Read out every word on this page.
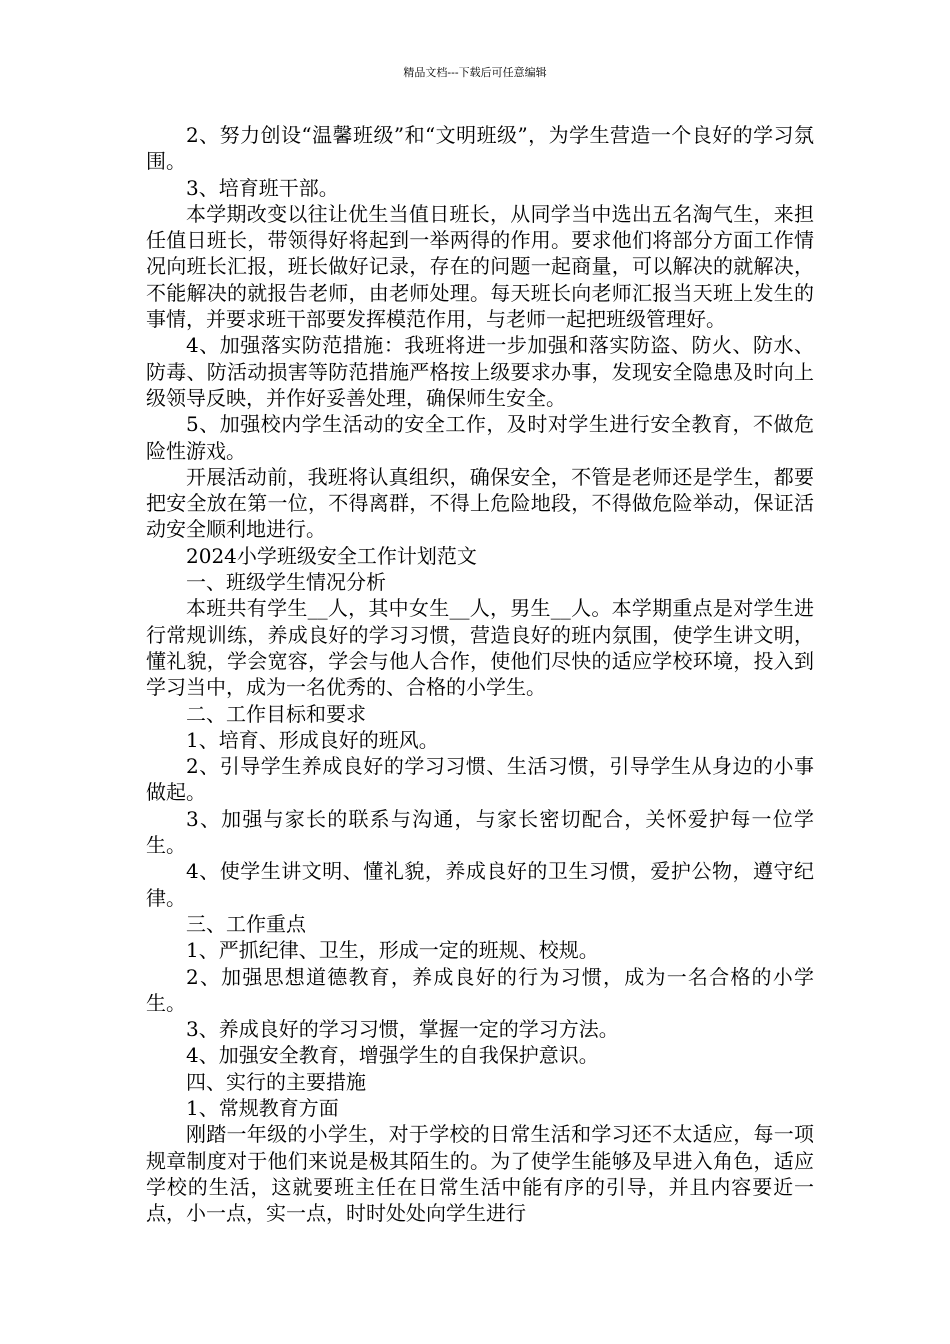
精品文档---下载后可任意编辑

2、努力创设“温馨班级”和“文明班级”，为学生营造一个良好的学习氛围。

3、培育班干部。

本学期改变以往让优生当值日班长，从同学当中选出五名淘气生，来担任值日班长，带领得好将起到一举两得的作用。要求他们将部分方面工作情况向班长汇报，班长做好记录，存在的问题一起商量，可以解决的就解决，不能解决的就报告老师，由老师处理。每天班长向老师汇报当天班上发生的事情，并要求班干部要发挥模范作用，与老师一起把班级管理好。

4、加强落实防范措施：我班将进一步加强和落实防盗、防火、防水、防毒、防活动损害等防范措施严格按上级要求办事，发现安全隐患及时向上级领导反映，并作好妥善处理，确保师生安全。

5、加强校内学生活动的安全工作，及时对学生进行安全教育，不做危险性游戏。

开展活动前，我班将认真组织，确保安全，不管是老师还是学生，都要把安全放在第一位，不得离群，不得上危险地段，不得做危险举动，保证活动安全顺利地进行。

2024小学班级安全工作计划范文

一、班级学生情况分析

本班共有学生__人，其中女生__人，男生__人。本学期重点是对学生进行常规训练，养成良好的学习习惯，营造良好的班内氛围，使学生讲文明，懂礼貌，学会宽容，学会与他人合作，使他们尽快的适应学校环境，投入到学习当中，成为一名优秀的、合格的小学生。

二、工作目标和要求

1、培育、形成良好的班风。

2、引导学生养成良好的学习习惯、生活习惯，引导学生从身边的小事做起。

3、加强与家长的联系与沟通，与家长密切配合，关怀爱护每一位学生。

4、使学生讲文明、懂礼貌，养成良好的卫生习惯，爱护公物，遵守纪律。

三、工作重点

1、严抓纪律、卫生，形成一定的班规、校规。

2、加强思想道德教育，养成良好的行为习惯，成为一名合格的小学生。

3、养成良好的学习习惯，掌握一定的学习方法。

4、加强安全教育，增强学生的自我保护意识。

四、实行的主要措施

1、常规教育方面

刚踏一年级的小学生，对于学校的日常生活和学习还不太适应，每一项规章制度对于他们来说是极其陌生的。为了使学生能够及早进入角色，适应学校的生活，这就要班主任在日常生活中能有序的引导，并且内容要近一点，小一点，实一点，时时处处向学生进行
